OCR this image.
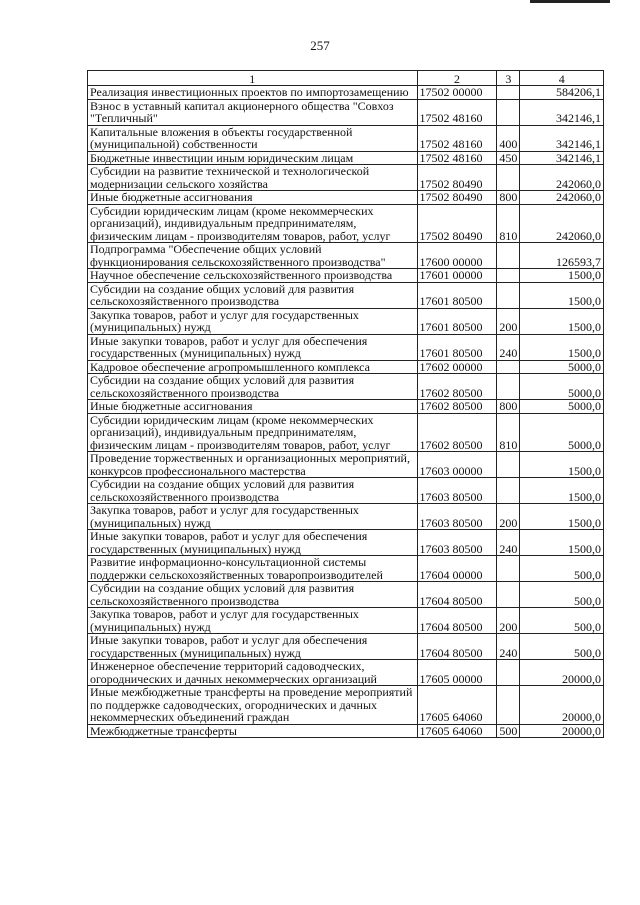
257
1	2	3	4
Реализация инвестиционных проектов по импортозамещению	17502 00000		584206,1
Взнос в уставный капитал акционерного общества "Совхоз "Тепличный"	17502 48160		342146,1
Капитальные вложения в объекты государственной (муниципальной) собственности	17502 48160	400	342146,1
Бюджетные инвестиции иным юридическим лицам	17502 48160	450	342146,1
Субсидии на развитие технической и технологической модернизации сельского хозяйства	17502 80490		242060,0
Иные бюджетные ассигнования	17502 80490	800	242060,0
Субсидии юридическим лицам (кроме некоммерческих организаций), индивидуальным предпринимателям, физическим лицам - производителям товаров, работ, услуг	17502 80490	810	242060,0
Подпрограмма "Обеспечение общих условий функционирования сельскохозяйственного производства"	17600 00000		126593,7
Научное обеспечение сельскохозяйственного производства	17601 00000		1500,0
Субсидии на создание общих условий для развития сельскохозяйственного производства	17601 80500		1500,0
Закупка товаров, работ и услуг для государственных (муниципальных) нужд	17601 80500	200	1500,0
Иные закупки товаров, работ и услуг для обеспечения государственных (муниципальных) нужд	17601 80500	240	1500,0
Кадровое обеспечение агропромышленного комплекса	17602 00000		5000,0
Субсидии на создание общих условий для развития сельскохозяйственного производства	17602 80500		5000,0
Иные бюджетные ассигнования	17602 80500	800	5000,0
Субсидии юридическим лицам (кроме некоммерческих организаций), индивидуальным предпринимателям, физическим лицам - производителям товаров, работ, услуг	17602 80500	810	5000,0
Проведение торжественных и организационных мероприятий, конкурсов профессионального мастерства	17603 00000		1500,0
Субсидии на создание общих условий для развития сельскохозяйственного производства	17603 80500		1500,0
Закупка товаров, работ и услуг для государственных (муниципальных) нужд	17603 80500	200	1500,0
Иные закупки товаров, работ и услуг для обеспечения государственных (муниципальных) нужд	17603 80500	240	1500,0
Развитие информационно-консультационной системы поддержки сельскохозяйственных товаропроизводителей	17604 00000		500,0
Субсидии на создание общих условий для развития сельскохозяйственного производства	17604 80500		500,0
Закупка товаров, работ и услуг для государственных (муниципальных) нужд	17604 80500	200	500,0
Иные закупки товаров, работ и услуг для обеспечения государственных (муниципальных) нужд	17604 80500	240	500,0
Инженерное обеспечение территорий садоводческих, огороднических и дачных некоммерческих организаций	17605 00000		20000,0
Иные межбюджетные трансферты на проведение мероприятий по поддержке садоводческих, огороднических и дачных некоммерческих объединений граждан	17605 64060		20000,0
Межбюджетные трансферты	17605 64060	500	20000,0
